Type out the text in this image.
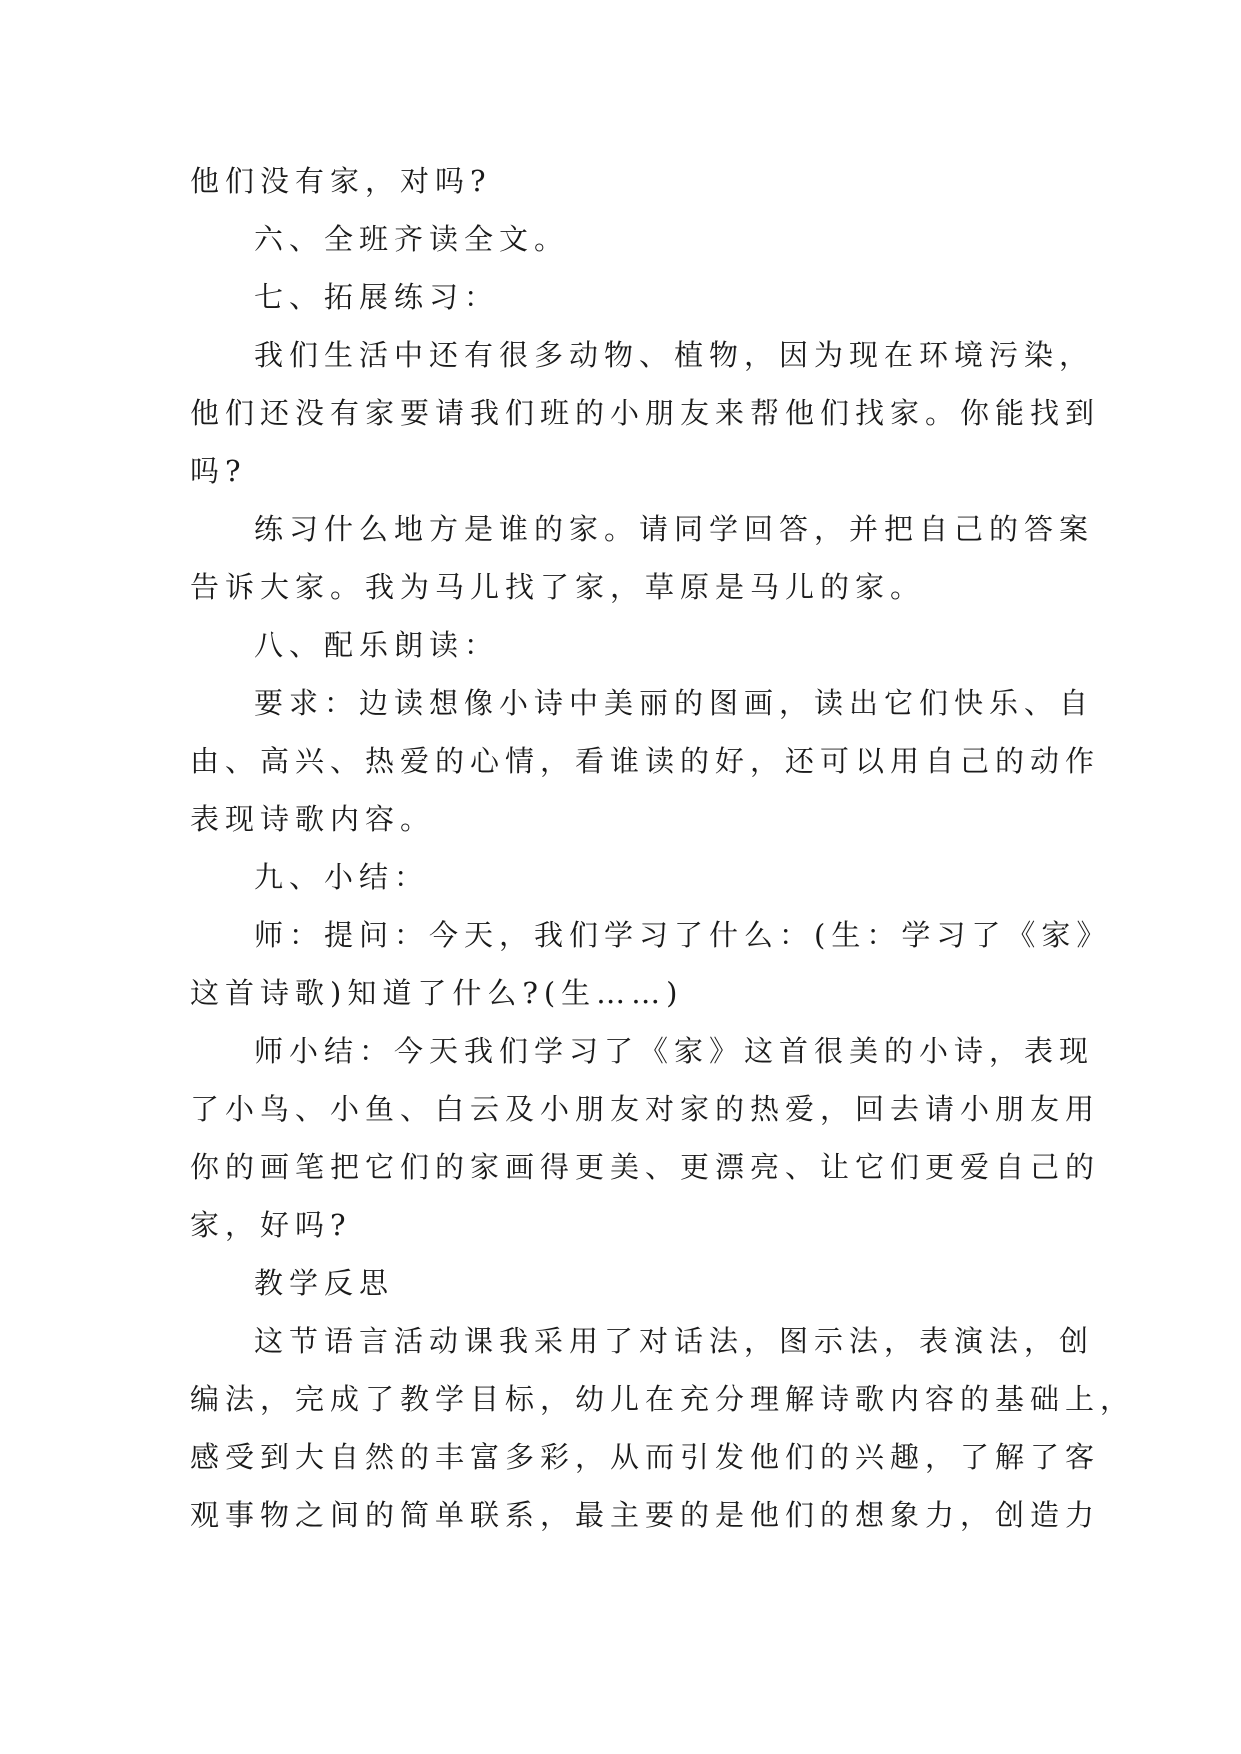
他们没有家，对吗?

六、全班齐读全文。

七、拓展练习：

我们生活中还有很多动物、植物，因为现在环境污染，
他们还没有家要请我们班的小朋友来帮他们找家。你能找到
吗?

练习什么地方是谁的家。请同学回答，并把自己的答案
告诉大家。我为马儿找了家，草原是马儿的家。

八、配乐朗读：

要求：边读想像小诗中美丽的图画，读出它们快乐、自
由、高兴、热爱的心情，看谁读的好，还可以用自己的动作
表现诗歌内容。

九、小结：

师：提问：今天，我们学习了什么：(生：学习了《家》
这首诗歌)知道了什么?(生……)

师小结：今天我们学习了《家》这首很美的小诗，表现
了小鸟、小鱼、白云及小朋友对家的热爱，回去请小朋友用
你的画笔把它们的家画得更美、更漂亮、让它们更爱自己的
家，好吗?

教学反思

这节语言活动课我采用了对话法，图示法，表演法，创
编法，完成了教学目标，幼儿在充分理解诗歌内容的基础上，
感受到大自然的丰富多彩，从而引发他们的兴趣，了解了客
观事物之间的简单联系，最主要的是他们的想象力，创造力
